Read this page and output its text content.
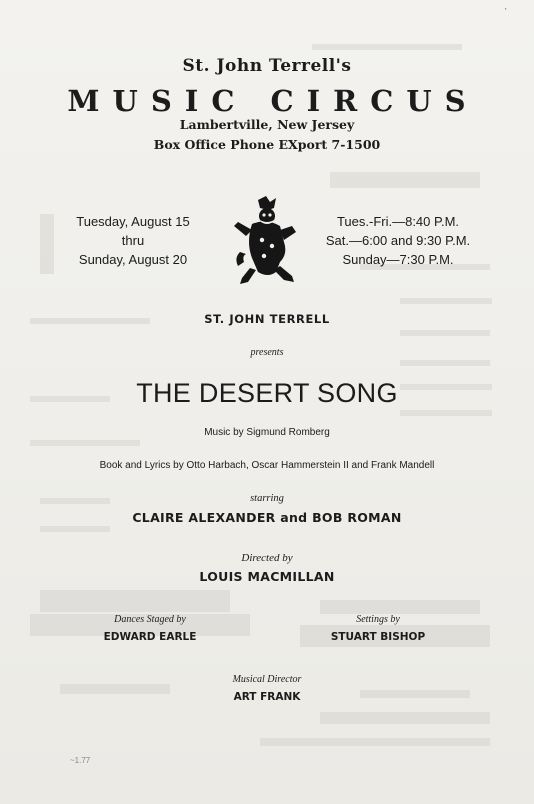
'
St. John Terrell's
MUSIC CIRCUS
Lambertville, New Jersey
Box Office Phone EXport 7-1500
Tuesday, August 15
thru
Sunday, August 20
Tues.-Fri.—8:40 P.M.
Sat.—6:00 and 9:30 P.M.
Sunday—7:30 P.M.
ST. JOHN TERRELL
presents
THE DESERT SONG
Music by Sigmund Romberg
Book and Lyrics by Otto Harbach, Oscar Hammerstein II and Frank Mandell
starring
CLAIRE ALEXANDER and BOB ROMAN
Directed by
LOUIS MACMILLAN
Dances Staged by
EDWARD EARLE
Settings by
STUART BISHOP
Musical Director
ART FRANK
~1.77
